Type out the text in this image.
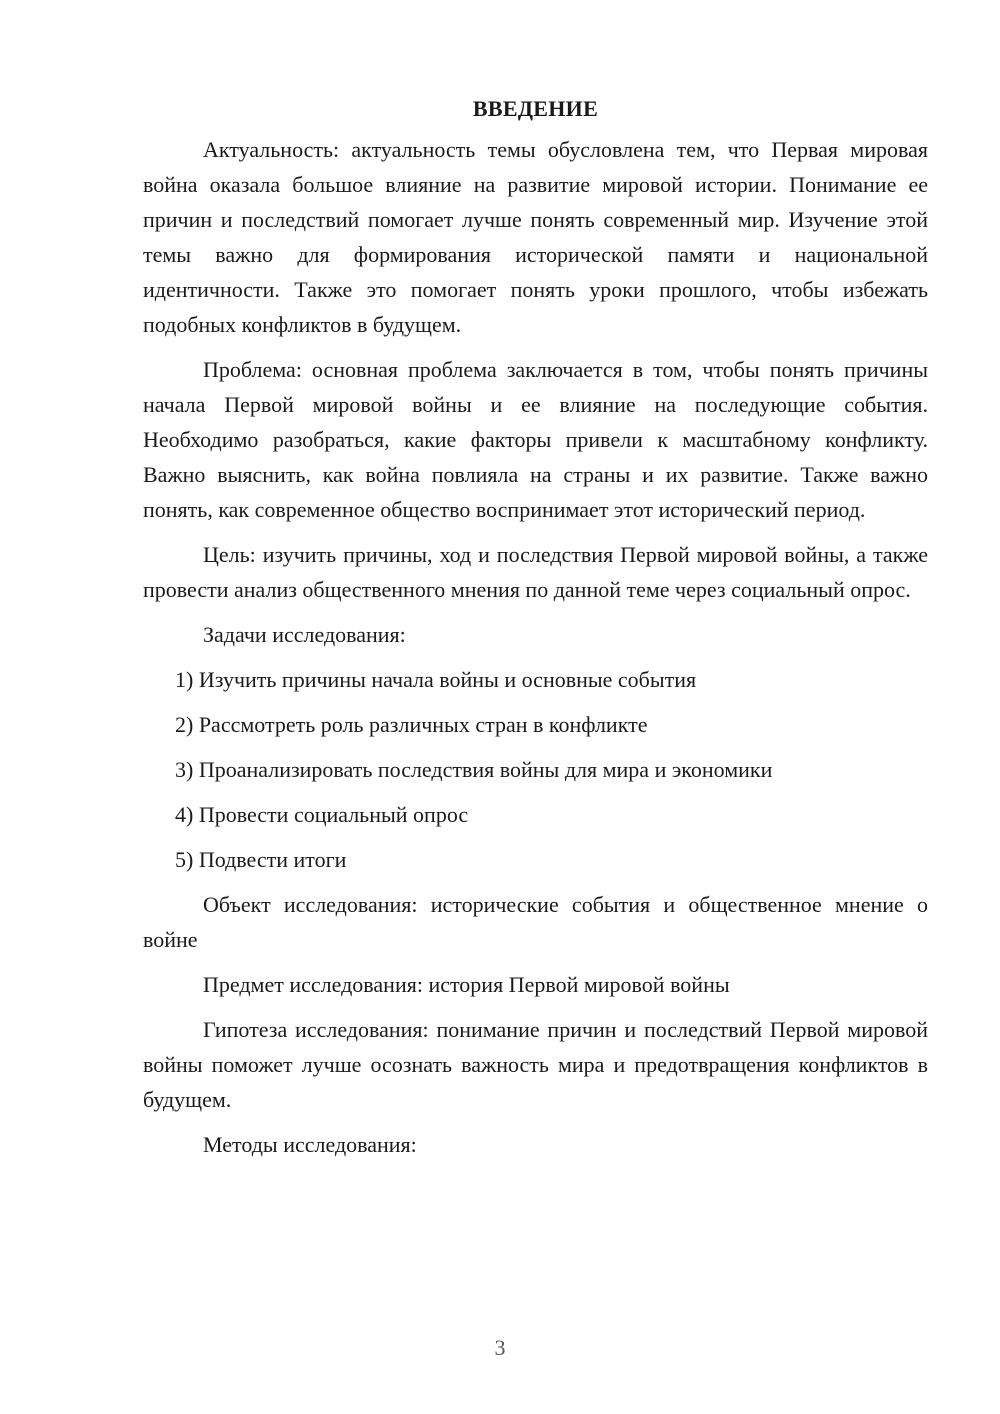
ВВЕДЕНИЕ

Актуальность: актуальность темы обусловлена тем, что Первая мировая война оказала большое влияние на развитие мировой истории. Понимание ее причин и последствий помогает лучше понять современный мир. Изучение этой темы важно для формирования исторической памяти и национальной идентичности. Также это помогает понять уроки прошлого, чтобы избежать подобных конфликтов в будущем.

Проблема: основная проблема заключается в том, чтобы понять причины начала Первой мировой войны и ее влияние на последующие события. Необходимо разобраться, какие факторы привели к масштабному конфликту. Важно выяснить, как война повлияла на страны и их развитие. Также важно понять, как современное общество воспринимает этот исторический период.

Цель: изучить причины, ход и последствия Первой мировой войны, а также провести анализ общественного мнения по данной теме через социальный опрос.

Задачи исследования:

1) Изучить причины начала войны и основные события
2) Рассмотреть роль различных стран в конфликте
3) Проанализировать последствия войны для мира и экономики
4) Провести социальный опрос
5) Подвести итоги

Объект исследования: исторические события и общественное мнение о войне

Предмет исследования: история Первой мировой войны

Гипотеза исследования: понимание причин и последствий Первой мировой войны поможет лучше осознать важность мира и предотвращения конфликтов в будущем.

Методы исследования:

3
